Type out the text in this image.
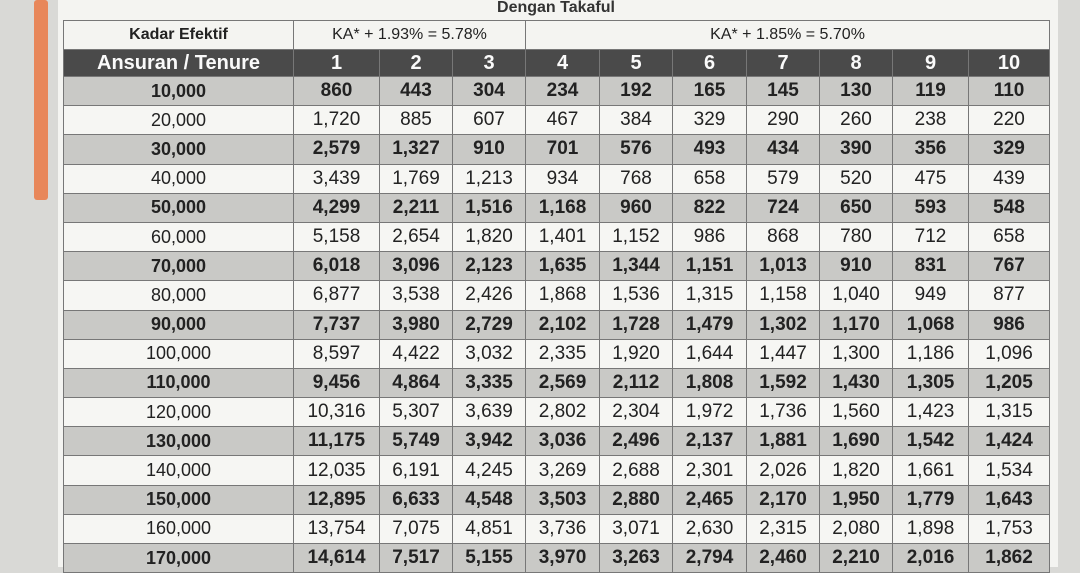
Dengan Takaful
Kadar Efektif	KA* + 1.93% = 5.78%			KA* + 1.85% = 5.70%						
Ansuran / Tenure	1	2	3	4	5	6	7	8	9	10
10,000	860	443	304	234	192	165	145	130	119	110
20,000	1,720	885	607	467	384	329	290	260	238	220
30,000	2,579	1,327	910	701	576	493	434	390	356	329
40,000	3,439	1,769	1,213	934	768	658	579	520	475	439
50,000	4,299	2,211	1,516	1,168	960	822	724	650	593	548
60,000	5,158	2,654	1,820	1,401	1,152	986	868	780	712	658
70,000	6,018	3,096	2,123	1,635	1,344	1,151	1,013	910	831	767
80,000	6,877	3,538	2,426	1,868	1,536	1,315	1,158	1,040	949	877
90,000	7,737	3,980	2,729	2,102	1,728	1,479	1,302	1,170	1,068	986
100,000	8,597	4,422	3,032	2,335	1,920	1,644	1,447	1,300	1,186	1,096
110,000	9,456	4,864	3,335	2,569	2,112	1,808	1,592	1,430	1,305	1,205
120,000	10,316	5,307	3,639	2,802	2,304	1,972	1,736	1,560	1,423	1,315
130,000	11,175	5,749	3,942	3,036	2,496	2,137	1,881	1,690	1,542	1,424
140,000	12,035	6,191	4,245	3,269	2,688	2,301	2,026	1,820	1,661	1,534
150,000	12,895	6,633	4,548	3,503	2,880	2,465	2,170	1,950	1,779	1,643
160,000	13,754	7,075	4,851	3,736	3,071	2,630	2,315	2,080	1,898	1,753
170,000	14,614	7,517	5,155	3,970	3,263	2,794	2,460	2,210	2,016	1,862
